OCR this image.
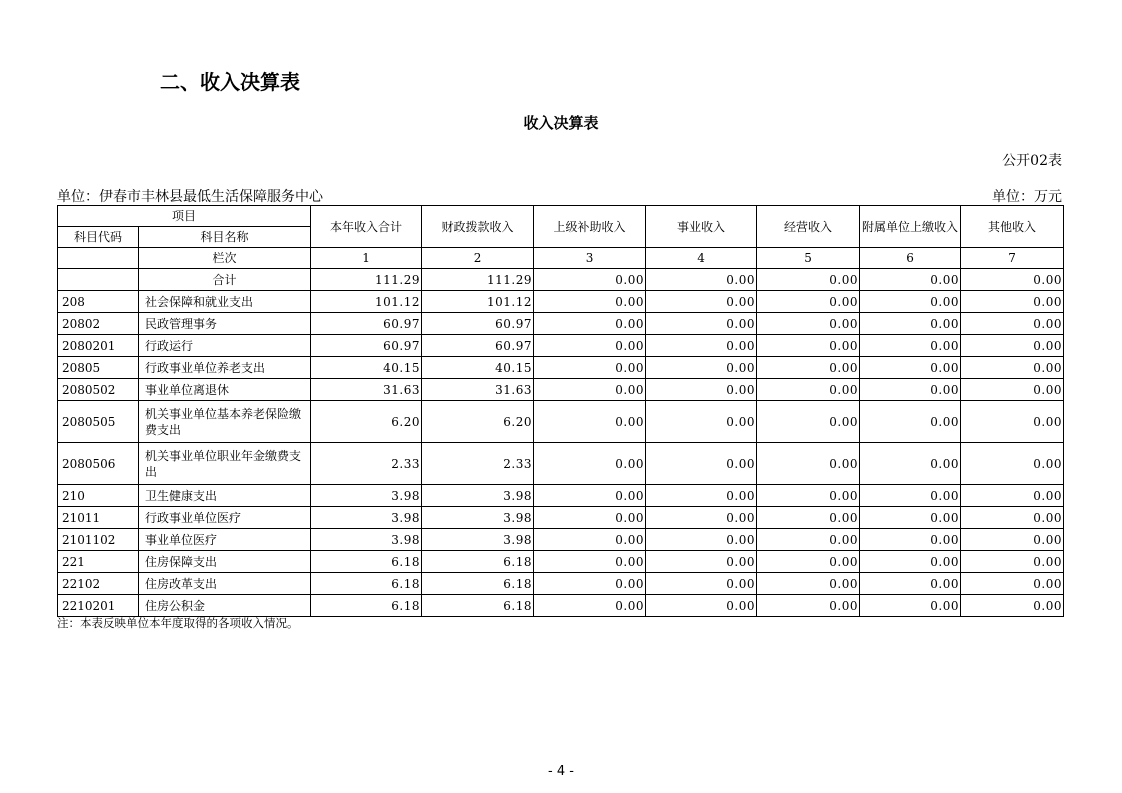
二、收入决算表
收入决算表
公开02表
单位：伊春市丰林县最低生活保障服务中心	单位：万元
项目		本年收入合计	财政拨款收入	上级补助收入	事业收入	经营收入	附属单位上缴收入	其他收入
科目代码	科目名称							
	栏次	1	2	3	4	5	6	7
	合计	111.29	111.29	0.00	0.00	0.00	0.00	0.00
208	社会保障和就业支出	101.12	101.12	0.00	0.00	0.00	0.00	0.00
20802	民政管理事务	60.97	60.97	0.00	0.00	0.00	0.00	0.00
2080201	行政运行	60.97	60.97	0.00	0.00	0.00	0.00	0.00
20805	行政事业单位养老支出	40.15	40.15	0.00	0.00	0.00	0.00	0.00
2080502	事业单位离退休	31.63	31.63	0.00	0.00	0.00	0.00	0.00
2080505	机关事业单位基本养老保险缴费支出	6.20	6.20	0.00	0.00	0.00	0.00	0.00
2080506	机关事业单位职业年金缴费支出	2.33	2.33	0.00	0.00	0.00	0.00	0.00
210	卫生健康支出	3.98	3.98	0.00	0.00	0.00	0.00	0.00
21011	行政事业单位医疗	3.98	3.98	0.00	0.00	0.00	0.00	0.00
2101102	事业单位医疗	3.98	3.98	0.00	0.00	0.00	0.00	0.00
221	住房保障支出	6.18	6.18	0.00	0.00	0.00	0.00	0.00
22102	住房改革支出	6.18	6.18	0.00	0.00	0.00	0.00	0.00
2210201	住房公积金	6.18	6.18	0.00	0.00	0.00	0.00	0.00
注：本表反映单位本年度取得的各项收入情况。
- 4 -
